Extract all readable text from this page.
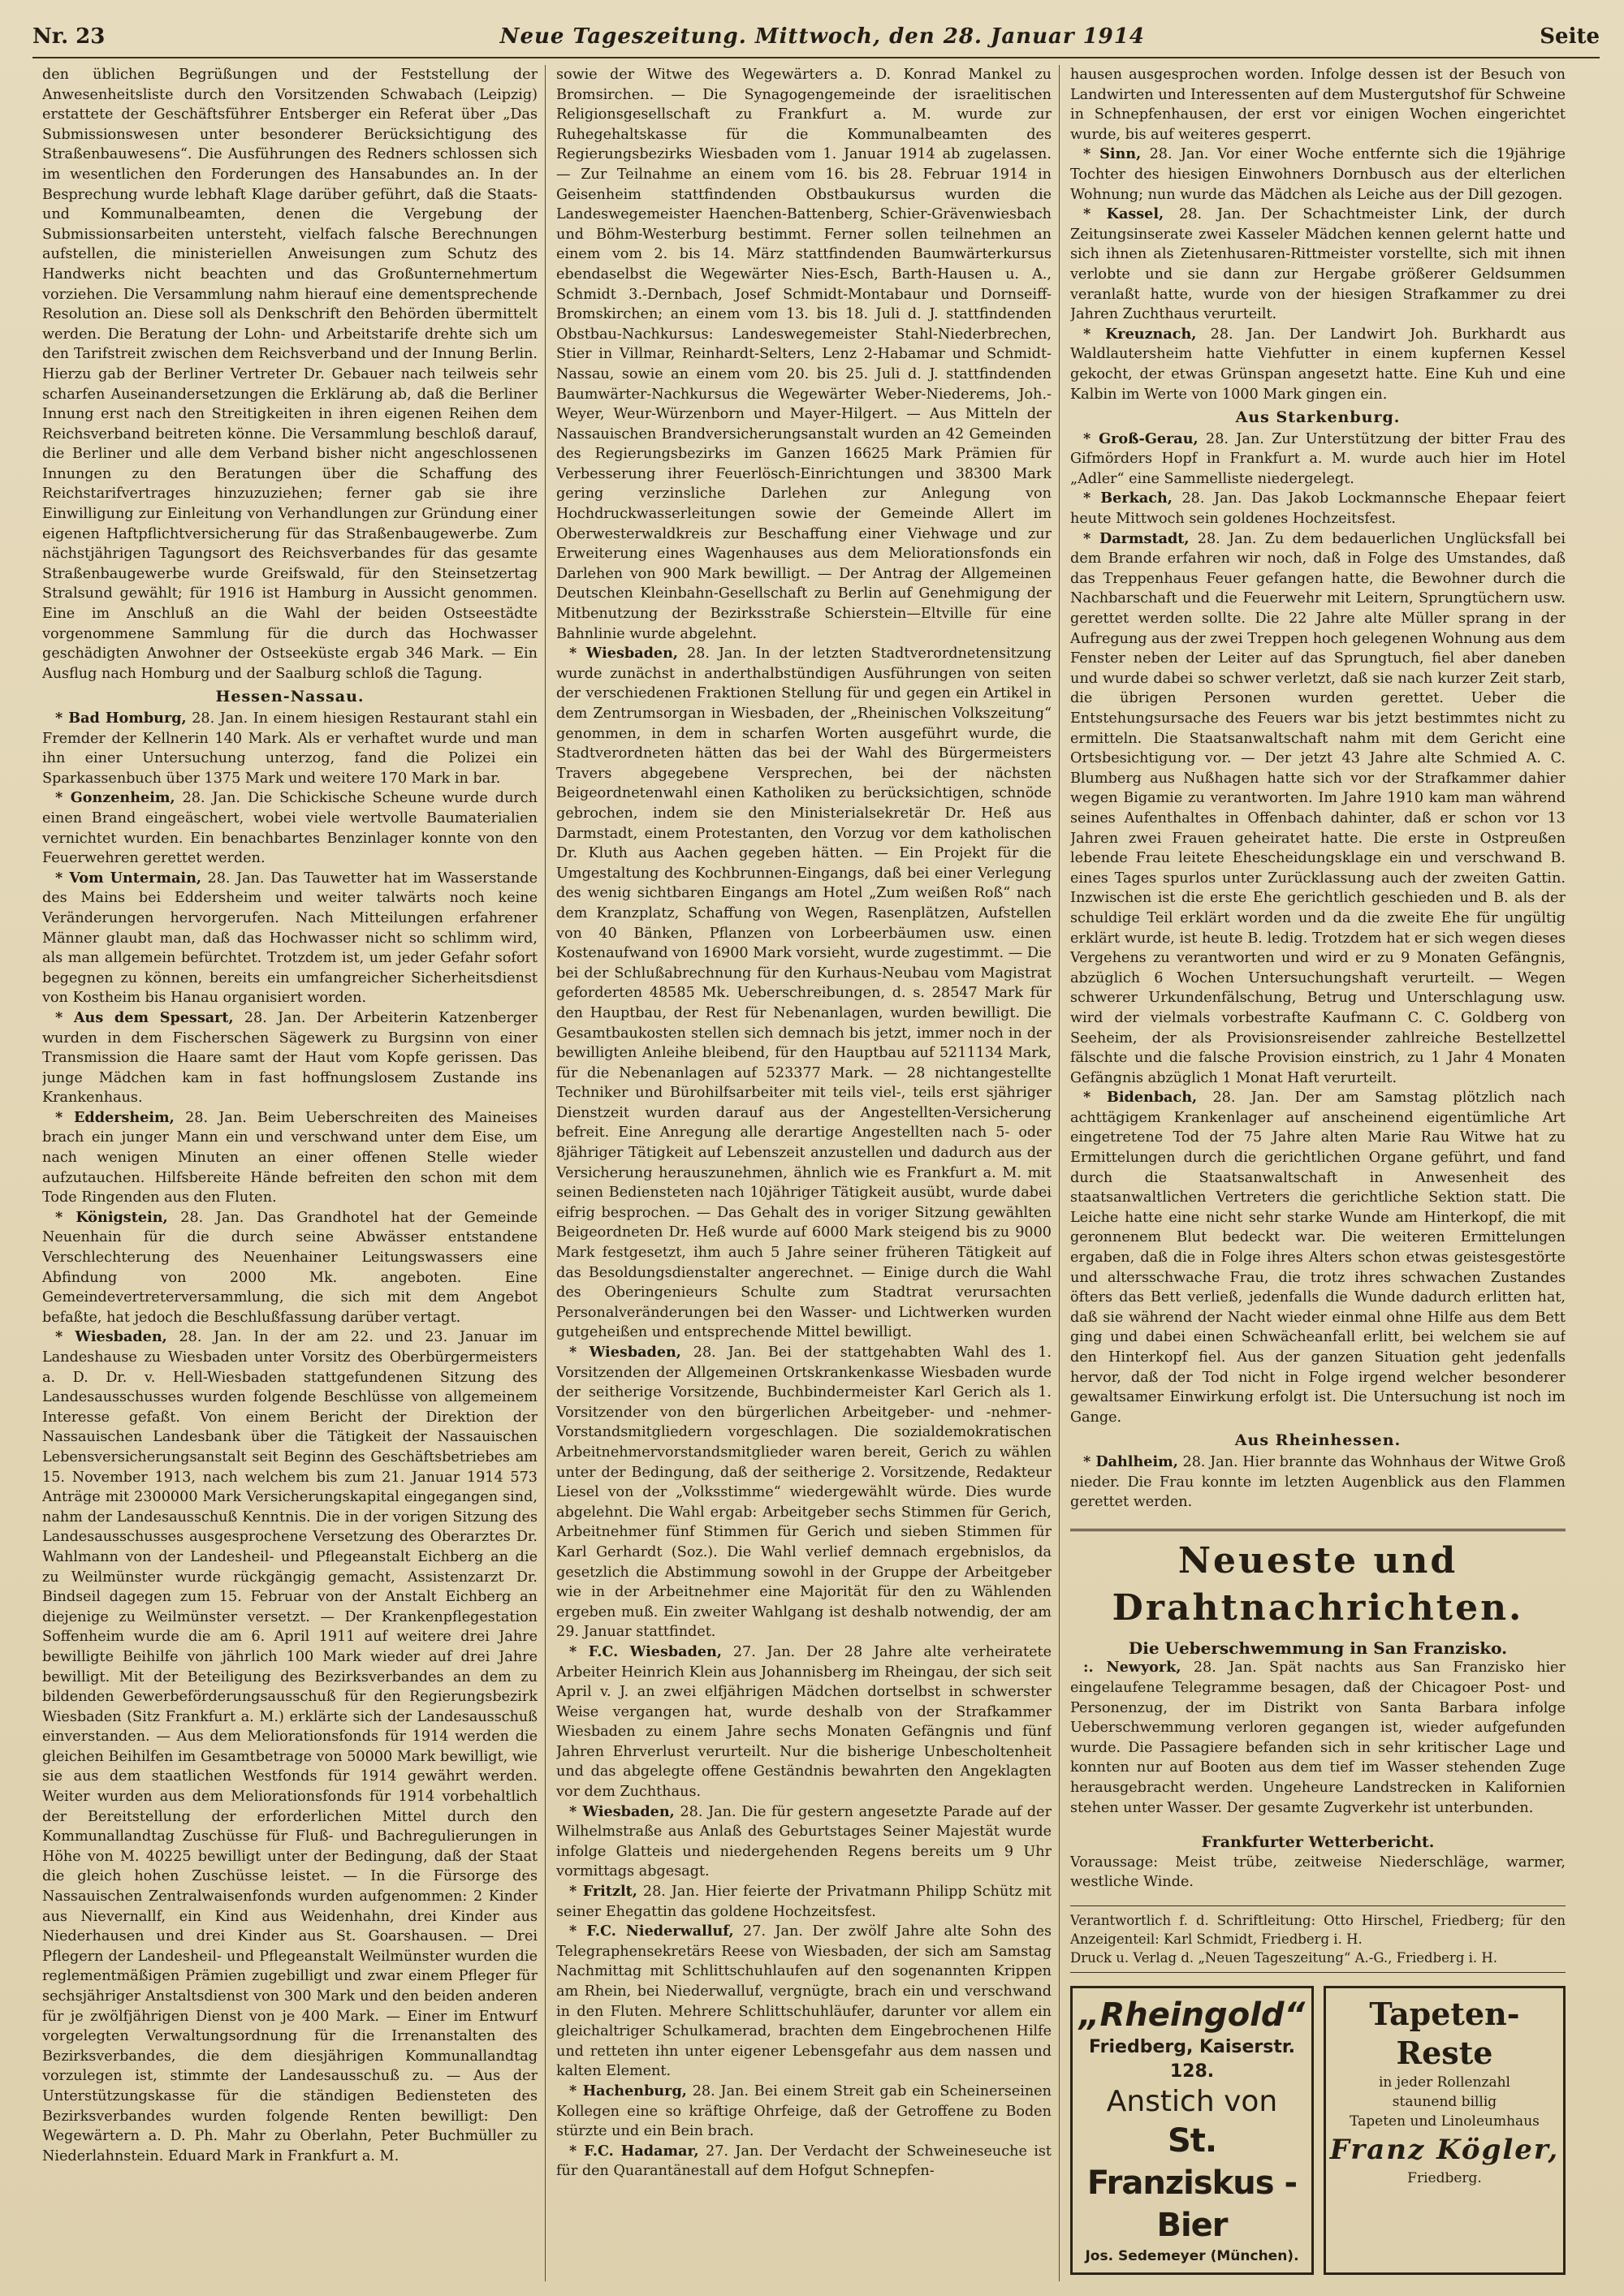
Nr. 23	Neue Tageszeitung. Mittwoch, den 28. Januar 1914	Seite

den üblichen Begrüßungen und der Feststellung der Anwesenheitsliste durch den Vorsitzenden Schwabach (Leipzig) erstattete der Geschäftsführer Entsberger ein Referat über „Das Submissionswesen unter besonderer Berücksichtigung des Straßenbauwesens“. Die Ausführungen des Redners schlossen sich im wesentlichen den Forderungen des Hansabundes an. In der Besprechung wurde lebhaft Klage darüber geführt, daß die Staats- und Kommunalbeamten, denen die Vergebung der Submissionsarbeiten untersteht, vielfach falsche Berechnungen aufstellen, die ministeriellen Anweisungen zum Schutz des Handwerks nicht beachten und das Großunternehmertum vorziehen. Die Versammlung nahm hierauf eine dementsprechende Resolution an. Diese soll als Denkschrift den Behörden übermittelt werden. Die Beratung der Lohn- und Arbeitstarife drehte sich um den Tarifstreit zwischen dem Reichsverband und der Innung Berlin. Hierzu gab der Berliner Vertreter Dr. Gebauer nach teilweis sehr scharfen Auseinandersetzungen die Erklärung ab, daß die Berliner Innung erst nach den Streitigkeiten in ihren eigenen Reihen dem Reichsverband beitreten könne. Die Versammlung beschloß darauf, die Berliner und alle dem Verband bisher nicht angeschlossenen Innungen zu den Beratungen über die Schaffung des Reichstarifvertrages hinzuzuziehen; ferner gab sie ihre Einwilligung zur Einleitung von Verhandlungen zur Gründung einer eigenen Haftpflichtversicherung für das Straßenbaugewerbe. Zum nächstjährigen Tagungsort des Reichsverbandes für das gesamte Straßenbaugewerbe wurde Greifswald, für den Steinsetzertag Stralsund gewählt; für 1916 ist Hamburg in Aussicht genommen. Eine im Anschluß an die Wahl der beiden Ostseestädte vorgenommene Sammlung für die durch das Hochwasser geschädigten Anwohner der Ostseeküste ergab 346 Mark. — Ein Ausflug nach Homburg und der Saalburg schloß die Tagung.

Hessen-Nassau.

* Bad Homburg, 28. Jan. In einem hiesigen Restaurant stahl ein Fremder der Kellnerin 140 Mark. Als er verhaftet wurde und man ihn einer Untersuchung unterzog, fand die Polizei ein Sparkassenbuch über 1375 Mark und weitere 170 Mark in bar.

* Gonzenheim, 28. Jan. Die Schickische Scheune wurde durch einen Brand eingeäschert, wobei viele wertvolle Baumaterialien vernichtet wurden. Ein benachbartes Benzinlager konnte von den Feuerwehren gerettet werden.

* Vom Untermain, 28. Jan. Das Tauwetter hat im Wasserstande des Mains bei Eddersheim und weiter talwärts noch keine Veränderungen hervorgerufen. Nach Mitteilungen erfahrener Männer glaubt man, daß das Hochwasser nicht so schlimm wird, als man allgemein befürchtet. Trotzdem ist, um jeder Gefahr sofort begegnen zu können, bereits ein umfangreicher Sicherheitsdienst von Kostheim bis Hanau organisiert worden.

* Aus dem Spessart, 28. Jan. Der Arbeiterin Katzenberger wurden in dem Fischerschen Sägewerk zu Burgsinn von einer Transmission die Haare samt der Haut vom Kopfe gerissen. Das junge Mädchen kam in fast hoffnungslosem Zustande ins Krankenhaus.

* Eddersheim, 28. Jan. Beim Ueberschreiten des Maineises brach ein junger Mann ein und verschwand unter dem Eise, um nach wenigen Minuten an einer offenen Stelle wieder aufzutauchen. Hilfsbereite Hände befreiten den schon mit dem Tode Ringenden aus den Fluten.

* Königstein, 28. Jan. Das Grandhotel hat der Gemeinde Neuenhain für die durch seine Abwässer entstandene Verschlechterung des Neuenhainer Leitungswassers eine Abfindung von 2000 Mk. angeboten. Eine Gemeindevertreterversammlung, die sich mit dem Angebot befaßte, hat jedoch die Beschlußfassung darüber vertagt.

* Wiesbaden, 28. Jan. In der am 22. und 23. Januar im Landeshause zu Wiesbaden unter Vorsitz des Oberbürgermeisters a. D. Dr. v. Hell-Wiesbaden stattgefundenen Sitzung des Landesausschusses wurden folgende Beschlüsse von allgemeinem Interesse gefaßt. Von einem Bericht der Direktion der Nassauischen Landesbank über die Tätigkeit der Nassauischen Lebensversicherungsanstalt seit Beginn des Geschäftsbetriebes am 15. November 1913, nach welchem bis zum 21. Januar 1914 573 Anträge mit 2300000 Mark Versicherungskapital eingegangen sind, nahm der Landesausschuß Kenntnis. Die in der vorigen Sitzung des Landesausschusses ausgesprochene Versetzung des Oberarztes Dr. Wahlmann von der Landesheil- und Pflegeanstalt Eichberg an die zu Weilmünster wurde rückgängig gemacht, Assistenzarzt Dr. Bindseil dagegen zum 15. Februar von der Anstalt Eichberg an diejenige zu Weilmünster versetzt. — Der Krankenpflegestation Soffenheim wurde die am 6. April 1911 auf weitere drei Jahre bewilligte Beihilfe von jährlich 100 Mark wieder auf drei Jahre bewilligt. Mit der Beteiligung des Bezirksverbandes an dem zu bildenden Gewerbeförderungsausschuß für den Regierungsbezirk Wiesbaden (Sitz Frankfurt a. M.) erklärte sich der Landesausschuß einverstanden. — Aus dem Meliorationsfonds für 1914 werden die gleichen Beihilfen im Gesamtbetrage von 50000 Mark bewilligt, wie sie aus dem staatlichen Westfonds für 1914 gewährt werden. Weiter wurden aus dem Meliorationsfonds für 1914 vorbehaltlich der Bereitstellung der erforderlichen Mittel durch den Kommunallandtag Zuschüsse für Fluß- und Bachregulierungen in Höhe von M. 40225 bewilligt unter der Bedingung, daß der Staat die gleich hohen Zuschüsse leistet. — In die Fürsorge des Nassauischen Zentralwaisenfonds wurden aufgenommen: 2 Kinder aus Nievernallf, ein Kind aus Weidenhahn, drei Kinder aus Niederhausen und drei Kinder aus St. Goarshausen. — Drei Pflegern der Landesheil- und Pflegeanstalt Weilmünster wurden die reglementmäßigen Prämien zugebilligt und zwar einem Pfleger für sechsjähriger Anstaltsdienst von 300 Mark und den beiden anderen für je zwölfjährigen Dienst von je 400 Mark. — Einer im Entwurf vorgelegten Verwaltungsordnung für die Irrenanstalten des Bezirksverbandes, die dem diesjährigen Kommunallandtag vorzulegen ist, stimmte der Landesausschuß zu. — Aus der Unterstützungskasse für die ständigen Bediensteten des Bezirksverbandes wurden folgende Renten bewilligt: Den Wegewärtern a. D. Ph. Mahr zu Oberlahn, Peter Buchmüller zu Niederlahnstein. Eduard Mark in Frankfurt a. M.

sowie der Witwe des Wegewärters a. D. Konrad Mankel zu Bromsirchen. — Die Synagogengemeinde der israelitischen Religionsgesellschaft zu Frankfurt a. M. wurde zur Ruhegehaltskasse für die Kommunalbeamten des Regierungsbezirks Wiesbaden vom 1. Januar 1914 ab zugelassen. — Zur Teilnahme an einem vom 16. bis 28. Februar 1914 in Geisenheim stattfindenden Obstbaukursus wurden die Landeswegemeister Haenchen-Battenberg, Schier-Grävenwiesbach und Böhm-Westerburg bestimmt. Ferner sollen teilnehmen an einem vom 2. bis 14. März stattfindenden Baumwärterkursus ebendaselbst die Wegewärter Nies-Esch, Barth-Hausen u. A., Schmidt 3.-Dernbach, Josef Schmidt-Montabaur und Dornseiff-Bromskirchen; an einem vom 13. bis 18. Juli d. J. stattfindenden Obstbau-Nachkursus: Landeswegemeister Stahl-Niederbrechen, Stier in Villmar, Reinhardt-Selters, Lenz 2-Habamar und Schmidt-Nassau, sowie an einem vom 20. bis 25. Juli d. J. stattfindenden Baumwärter-Nachkursus die Wegewärter Weber-Niederems, Joh.-Weyer, Weur-Würzenborn und Mayer-Hilgert. — Aus Mitteln der Nassauischen Brandversicherungsanstalt wurden an 42 Gemeinden des Regierungsbezirks im Ganzen 16625 Mark Prämien für Verbesserung ihrer Feuerlösch-Einrichtungen und 38300 Mark gering verzinsliche Darlehen zur Anlegung von Hochdruckwasserleitungen sowie der Gemeinde Allert im Oberwesterwaldkreis zur Beschaffung einer Viehwage und zur Erweiterung eines Wagenhauses aus dem Meliorationsfonds ein Darlehen von 900 Mark bewilligt. — Der Antrag der Allgemeinen Deutschen Kleinbahn-Gesellschaft zu Berlin auf Genehmigung der Mitbenutzung der Bezirksstraße Schierstein—Eltville für eine Bahnlinie wurde abgelehnt.

* Wiesbaden, 28. Jan. In der letzten Stadtverordnetensitzung wurde zunächst in anderthalbstündigen Ausführungen von seiten der verschiedenen Fraktionen Stellung für und gegen ein Artikel in dem Zentrumsorgan in Wiesbaden, der „Rheinischen Volkszeitung“ genommen, in dem in scharfen Worten ausgeführt wurde, die Stadtverordneten hätten das bei der Wahl des Bürgermeisters Travers abgegebene Versprechen, bei der nächsten Beigeordnetenwahl einen Katholiken zu berücksichtigen, schnöde gebrochen, indem sie den Ministerialsekretär Dr. Heß aus Darmstadt, einem Protestanten, den Vorzug vor dem katholischen Dr. Kluth aus Aachen gegeben hätten. — Ein Projekt für die Umgestaltung des Kochbrunnen-Eingangs, daß bei einer Verlegung des wenig sichtbaren Eingangs am Hotel „Zum weißen Roß“ nach dem Kranzplatz, Schaffung von Wegen, Rasenplätzen, Aufstellen von 40 Bänken, Pflanzen von Lorbeerbäumen usw. einen Kostenaufwand von 16900 Mark vorsieht, wurde zugestimmt. — Die bei der Schlußabrechnung für den Kurhaus-Neubau vom Magistrat geforderten 48585 Mk. Ueberschreibungen, d. s. 28547 Mark für den Hauptbau, der Rest für Nebenanlagen, wurden bewilligt. Die Gesamtbaukosten stellen sich demnach bis jetzt, immer noch in der bewilligten Anleihe bleibend, für den Hauptbau auf 5211134 Mark, für die Nebenanlagen auf 523377 Mark. — 28 nichtangestellte Techniker und Bürohilfsarbeiter mit teils viel-, teils erst sjähriger Dienstzeit wurden darauf aus der Angestellten-Versicherung befreit. Eine Anregung alle derartige Angestellten nach 5- oder 8jähriger Tätigkeit auf Lebenszeit anzustellen und dadurch aus der Versicherung herauszunehmen, ähnlich wie es Frankfurt a. M. mit seinen Bediensteten nach 10jähriger Tätigkeit ausübt, wurde dabei eifrig besprochen. — Das Gehalt des in voriger Sitzung gewählten Beigeordneten Dr. Heß wurde auf 6000 Mark steigend bis zu 9000 Mark festgesetzt, ihm auch 5 Jahre seiner früheren Tätigkeit auf das Besoldungsdienstalter angerechnet. — Einige durch die Wahl des Oberingenieurs Schulte zum Stadtrat verursachten Personalveränderungen bei den Wasser- und Lichtwerken wurden gutgeheißen und entsprechende Mittel bewilligt.

* Wiesbaden, 28. Jan. Bei der stattgehabten Wahl des 1. Vorsitzenden der Allgemeinen Ortskrankenkasse Wiesbaden wurde der seitherige Vorsitzende, Buchbindermeister Karl Gerich als 1. Vorsitzender von den bürgerlichen Arbeitgeber- und -nehmer-Vorstandsmitgliedern vorgeschlagen. Die sozialdemokratischen Arbeitnehmervorstandsmitglieder waren bereit, Gerich zu wählen unter der Bedingung, daß der seitherige 2. Vorsitzende, Redakteur Liesel von der „Volksstimme“ wiedergewählt würde. Dies wurde abgelehnt. Die Wahl ergab: Arbeitgeber sechs Stimmen für Gerich, Arbeitnehmer fünf Stimmen für Gerich und sieben Stimmen für Karl Gerhardt (Soz.). Die Wahl verlief demnach ergebnislos, da gesetzlich die Abstimmung sowohl in der Gruppe der Arbeitgeber wie in der Arbeitnehmer eine Majorität für den zu Wählenden ergeben muß. Ein zweiter Wahlgang ist deshalb notwendig, der am 29. Januar stattfindet.

* F.C. Wiesbaden, 27. Jan. Der 28 Jahre alte verheiratete Arbeiter Heinrich Klein aus Johannisberg im Rheingau, der sich seit April v. J. an zwei elfjährigen Mädchen dortselbst in schwerster Weise vergangen hat, wurde deshalb von der Strafkammer Wiesbaden zu einem Jahre sechs Monaten Gefängnis und fünf Jahren Ehrverlust verurteilt. Nur die bisherige Unbescholtenheit und das abgelegte offene Geständnis bewahrten den Angeklagten vor dem Zuchthaus.

* Wiesbaden, 28. Jan. Die für gestern angesetzte Parade auf der Wilhelmstraße aus Anlaß des Geburtstages Seiner Majestät wurde infolge Glatteis und niedergehenden Regens bereits um 9 Uhr vormittags abgesagt.

* Fritzlt, 28. Jan. Hier feierte der Privatmann Philipp Schütz mit seiner Ehegattin das goldene Hochzeitsfest.

* F.C. Niederwalluf, 27. Jan. Der zwölf Jahre alte Sohn des Telegraphensekretärs Reese von Wiesbaden, der sich am Samstag Nachmittag mit Schlittschuhlaufen auf den sogenannten Krippen am Rhein, bei Niederwalluf, vergnügte, brach ein und verschwand in den Fluten. Mehrere Schlittschuhläufer, darunter vor allem ein gleichaltriger Schulkamerad, brachten dem Eingebrochenen Hilfe und retteten ihn unter eigener Lebensgefahr aus dem nassen und kalten Element.

* Hachenburg, 28. Jan. Bei einem Streit gab ein Scheinerseinen Kollegen eine so kräftige Ohrfeige, daß der Getroffene zu Boden stürzte und ein Bein brach.

* F.C. Hadamar, 27. Jan. Der Verdacht der Schweineseuche ist für den Quarantänestall auf dem Hofgut Schnepfen-

hausen ausgesprochen worden. Infolge dessen ist der Besuch von Landwirten und Interessenten auf dem Mustergutshof für Schweine in Schnepfenhausen, der erst vor einigen Wochen eingerichtet wurde, bis auf weiteres gesperrt.

* Sinn, 28. Jan. Vor einer Woche entfernte sich die 19jährige Tochter des hiesigen Einwohners Dornbusch aus der elterlichen Wohnung; nun wurde das Mädchen als Leiche aus der Dill gezogen.

* Kassel, 28. Jan. Der Schachtmeister Link, der durch Zeitungsinserate zwei Kasseler Mädchen kennen gelernt hatte und sich ihnen als Zietenhusaren-Rittmeister vorstellte, sich mit ihnen verlobte und sie dann zur Hergabe größerer Geldsummen veranlaßt hatte, wurde von der hiesigen Strafkammer zu drei Jahren Zuchthaus verurteilt.

* Kreuznach, 28. Jan. Der Landwirt Joh. Burkhardt aus Waldlautersheim hatte Viehfutter in einem kupfernen Kessel gekocht, der etwas Grünspan angesetzt hatte. Eine Kuh und eine Kalbin im Werte von 1000 Mark gingen ein.

Aus Starkenburg.

* Groß-Gerau, 28. Jan. Zur Unterstützung der bitter Frau des Gifmörders Hopf in Frankfurt a. M. wurde auch hier im Hotel „Adler“ eine Sammelliste niedergelegt.

* Berkach, 28. Jan. Das Jakob Lockmannsche Ehepaar feiert heute Mittwoch sein goldenes Hochzeitsfest.

* Darmstadt, 28. Jan. Zu dem bedauerlichen Unglücksfall bei dem Brande erfahren wir noch, daß in Folge des Umstandes, daß das Treppenhaus Feuer gefangen hatte, die Bewohner durch die Nachbarschaft und die Feuerwehr mit Leitern, Sprungtüchern usw. gerettet werden sollte. Die 22 Jahre alte Müller sprang in der Aufregung aus der zwei Treppen hoch gelegenen Wohnung aus dem Fenster neben der Leiter auf das Sprungtuch, fiel aber daneben und wurde dabei so schwer verletzt, daß sie nach kurzer Zeit starb, die übrigen Personen wurden gerettet. Ueber die Entstehungsursache des Feuers war bis jetzt bestimmtes nicht zu ermitteln. Die Staatsanwaltschaft nahm mit dem Gericht eine Ortsbesichtigung vor. — Der jetzt 43 Jahre alte Schmied A. C. Blumberg aus Nußhagen hatte sich vor der Strafkammer dahier wegen Bigamie zu verantworten. Im Jahre 1910 kam man während seines Aufenthaltes in Offenbach dahinter, daß er schon vor 13 Jahren zwei Frauen geheiratet hatte. Die erste in Ostpreußen lebende Frau leitete Ehescheidungsklage ein und verschwand B. eines Tages spurlos unter Zurücklassung auch der zweiten Gattin. Inzwischen ist die erste Ehe gerichtlich geschieden und B. als der schuldige Teil erklärt worden und da die zweite Ehe für ungültig erklärt wurde, ist heute B. ledig. Trotzdem hat er sich wegen dieses Vergehens zu verantworten und wird er zu 9 Monaten Gefängnis, abzüglich 6 Wochen Untersuchungshaft verurteilt. — Wegen schwerer Urkundenfälschung, Betrug und Unterschlagung usw. wird der vielmals vorbestrafte Kaufmann C. C. Goldberg von Seeheim, der als Provisionsreisender zahlreiche Bestellzettel fälschte und die falsche Provision einstrich, zu 1 Jahr 4 Monaten Gefängnis abzüglich 1 Monat Haft verurteilt.

* Bidenbach, 28. Jan. Der am Samstag plötzlich nach achttägigem Krankenlager auf anscheinend eigentümliche Art eingetretene Tod der 75 Jahre alten Marie Rau Witwe hat zu Ermittelungen durch die gerichtlichen Organe geführt, und fand durch die Staatsanwaltschaft in Anwesenheit des staatsanwaltlichen Vertreters die gerichtliche Sektion statt. Die Leiche hatte eine nicht sehr starke Wunde am Hinterkopf, die mit geronnenem Blut bedeckt war. Die weiteren Ermittelungen ergaben, daß die in Folge ihres Alters schon etwas geistesgestörte und altersschwache Frau, die trotz ihres schwachen Zustandes öfters das Bett verließ, jedenfalls die Wunde dadurch erlitten hat, daß sie während der Nacht wieder einmal ohne Hilfe aus dem Bett ging und dabei einen Schwächeanfall erlitt, bei welchem sie auf den Hinterkopf fiel. Aus der ganzen Situation geht jedenfalls hervor, daß der Tod nicht in Folge irgend welcher besonderer gewaltsamer Einwirkung erfolgt ist. Die Untersuchung ist noch im Gange.

Aus Rheinhessen.

* Dahlheim, 28. Jan. Hier brannte das Wohnhaus der Witwe Groß nieder. Die Frau konnte im letzten Augenblick aus den Flammen gerettet werden.

Neueste und Drahtnachrichten.
Die Ueberschwemmung in San Franzisko.

:. Newyork, 28. Jan. Spät nachts aus San Franzisko hier eingelaufene Telegramme besagen, daß der Chicagoer Post- und Personenzug, der im Distrikt von Santa Barbara infolge Ueberschwemmung verloren gegangen ist, wieder aufgefunden wurde. Die Passagiere befanden sich in sehr kritischer Lage und konnten nur auf Booten aus dem tief im Wasser stehenden Zuge herausgebracht werden. Ungeheure Landstrecken in Kalifornien stehen unter Wasser. Der gesamte Zugverkehr ist unterbunden.

Frankfurter Wetterbericht.

Voraussage: Meist trübe, zeitweise Niederschläge, warmer, westliche Winde.

Verantwortlich f. d. Schriftleitung: Otto Hirschel, Friedberg; für den Anzeigenteil: Karl Schmidt, Friedberg i. H.
Druck u. Verlag d. „Neuen Tageszeitung“ A.-G., Friedberg i. H.
„Rheingold“
Friedberg, Kaiserstr. 128.
Anstich von
St. Franziskus - Bier
Jos. Sedemeyer (München).
Tapeten-Reste
in jeder Rollenzahl
staunend billig
Tapeten und Linoleumhaus
Franz Kögler,
Friedberg.
